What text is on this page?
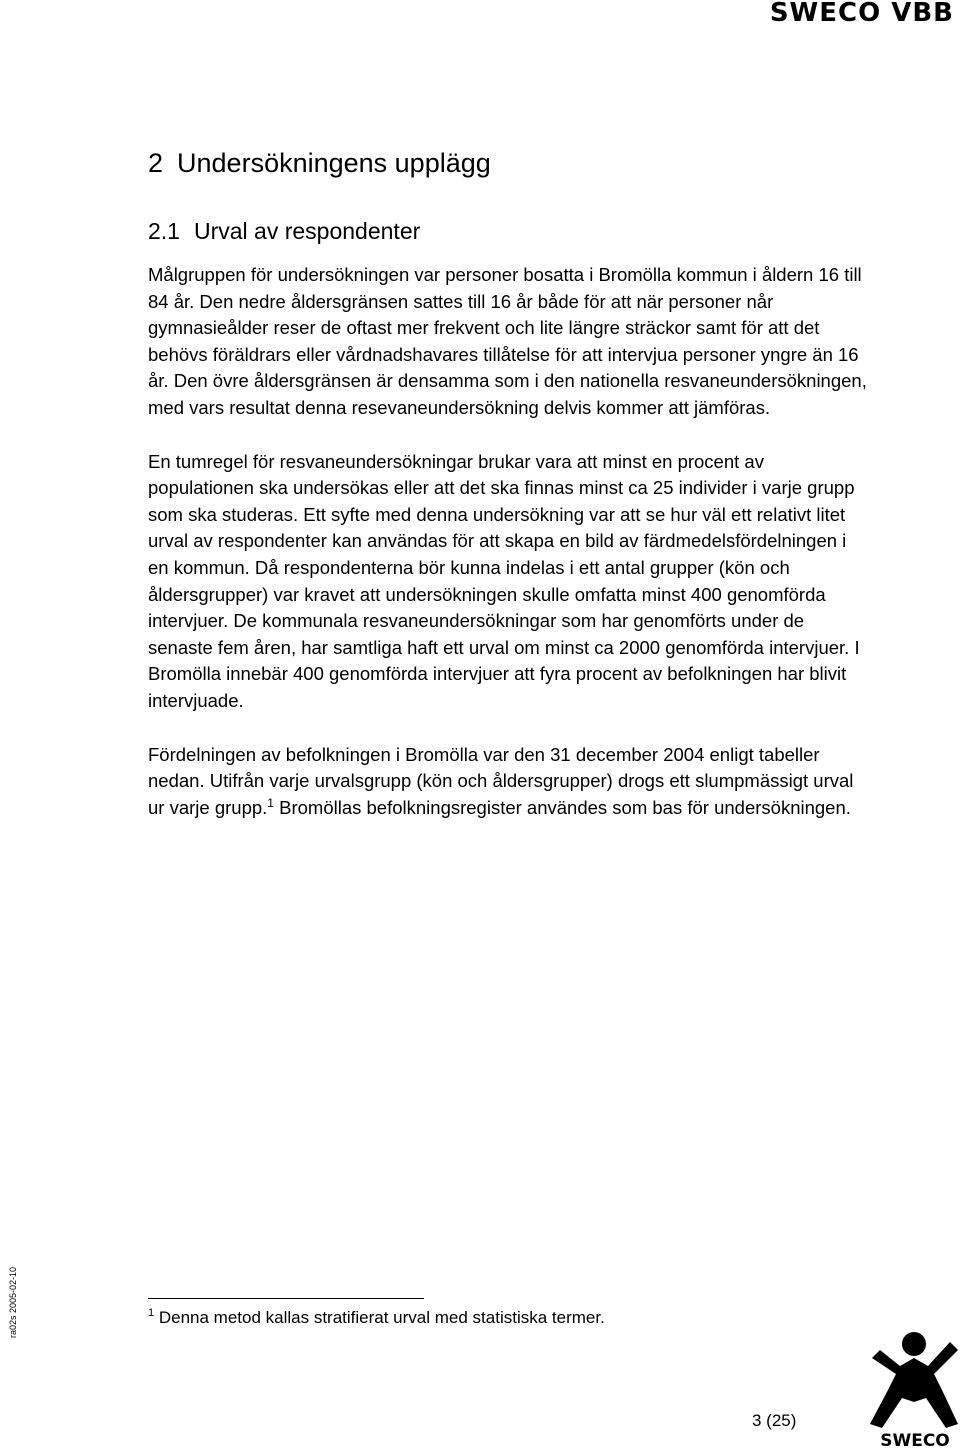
SWECO VBB
2 Undersökningens upplägg
2.1 Urval av respondenter

Målgruppen för undersökningen var personer bosatta i Bromölla kommun i åldern 16 till 84 år. Den nedre åldersgränsen sattes till 16 år både för att när personer når gymnasieålder reser de oftast mer frekvent och lite längre sträckor samt för att det behövs föräldrars eller vårdnadshavares tillåtelse för att intervjua personer yngre än 16 år. Den övre åldersgränsen är densamma som i den nationella resvaneundersökningen, med vars resultat denna resevaneundersökning delvis kommer att jämföras.

En tumregel för resvaneundersökningar brukar vara att minst en procent av populationen ska undersökas eller att det ska finnas minst ca 25 individer i varje grupp som ska studeras. Ett syfte med denna undersökning var att se hur väl ett relativt litet urval av respondenter kan användas för att skapa en bild av färdmedelsfördelningen i en kommun. Då respondenterna bör kunna indelas i ett antal grupper (kön och åldersgrupper) var kravet att undersökningen skulle omfatta minst 400 genomförda intervjuer. De kommunala resvaneundersökningar som har genomförts under de senaste fem åren, har samtliga haft ett urval om minst ca 2000 genomförda intervjuer. I Bromölla innebär 400 genomförda intervjuer att fyra procent av befolkningen har blivit intervjuade.

Fördelningen av befolkningen i Bromölla var den 31 december 2004 enligt tabeller nedan. Utifrån varje urvalsgrupp (kön och åldersgrupper) drogs ett slumpmässigt urval ur varje grupp.$^1$ Bromöllas befolkningsregister användes som bas för undersökningen.

$^1$ Denna metod kallas stratifierat urval med statistiska termer.
ra02s 2005-02-10
3 (25)
SWECO
